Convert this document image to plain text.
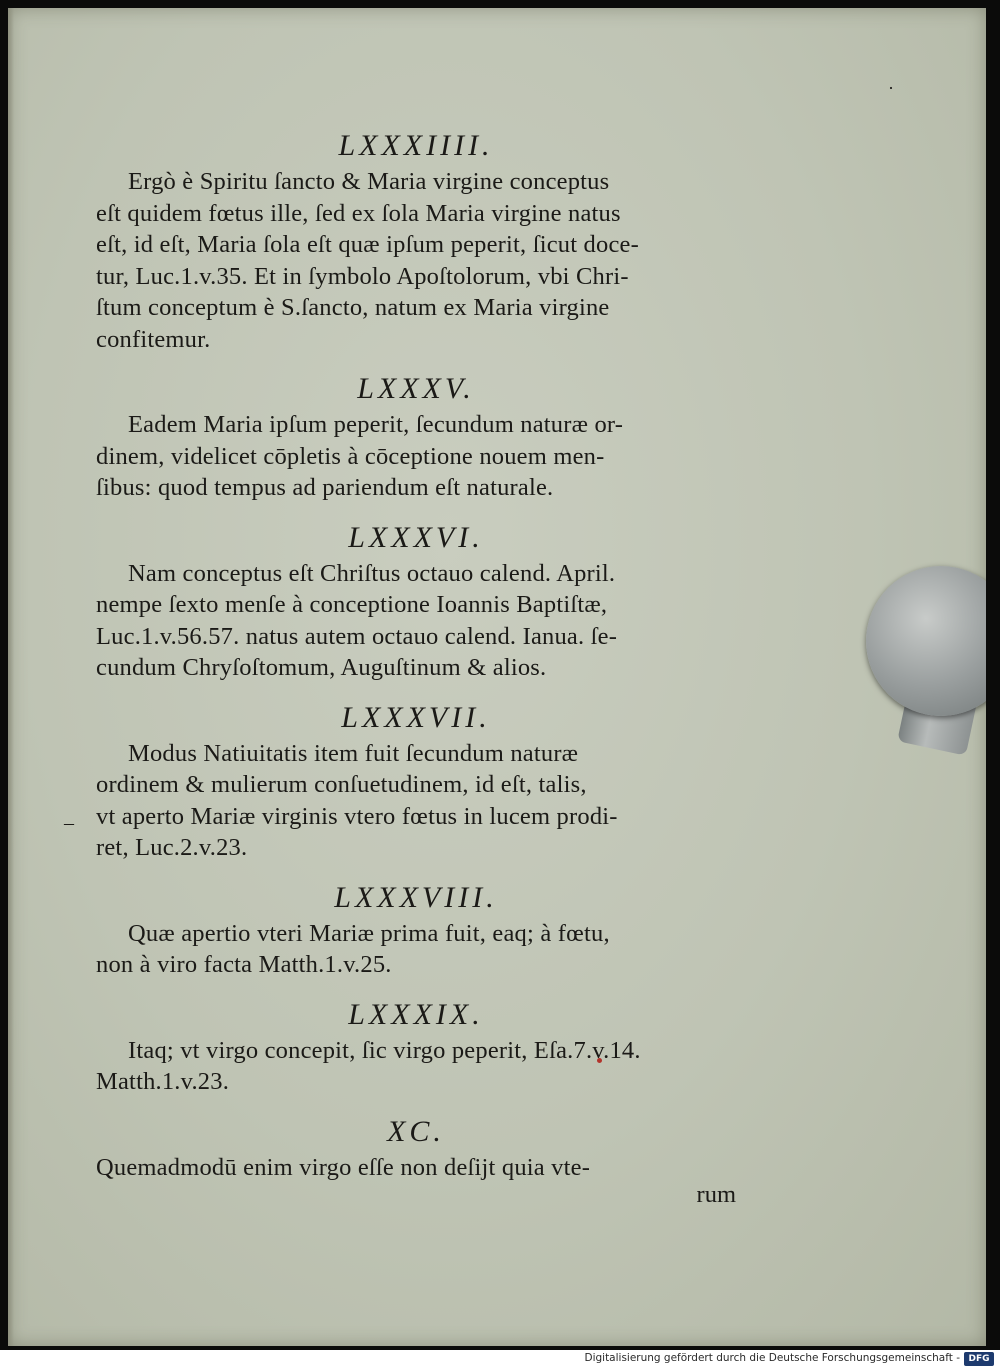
·
–
LXXXIIII.
Ergò è Spiritu ſancto & Maria virgine conceptus
eſt quidem fœtus ille, ſed ex ſola Maria virgine natus
eſt, id eſt, Maria ſola eſt quæ ipſum peperit, ſicut doce-
tur, Luc.1.v.35. Et in ſymbolo Apoſtolorum, vbi Chri-
ſtum conceptum è S.ſancto, natum ex Maria virgine
confitemur.
LXXXV.
Eadem Maria ipſum peperit, ſecundum naturæ or-
dinem, videlicet cōpletis à cōceptione nouem men-
ſibus: quod tempus ad pariendum eſt naturale.
LXXXVI.
Nam conceptus eſt Chriſtus octauo calend. April.
nempe ſexto menſe à conceptione Ioannis Baptiſtæ,
Luc.1.v.56.57. natus autem octauo calend. Ianua. ſe-
cundum Chryſoſtomum, Auguſtinum & alios.
LXXXVII.
Modus Natiuitatis item fuit ſecundum naturæ
ordinem & mulierum conſuetudinem, id eſt, talis,
vt aperto Mariæ virginis vtero fœtus in lucem prodi-
ret, Luc.2.v.23.
LXXXVIII.
Quæ apertio vteri Mariæ prima fuit, eaq; à fœtu,
non à viro facta Matth.1.v.25.
LXXXIX.
Itaq; vt virgo concepit, ſic virgo peperit, Eſa.7.v.14.
Matth.1.v.23.
XC.
Quemadmodū enim virgo eſſe non deſijt quia vte-
rum
Digitalisierung gefördert durch die Deutsche Forschungsgemeinschaft - DFG
